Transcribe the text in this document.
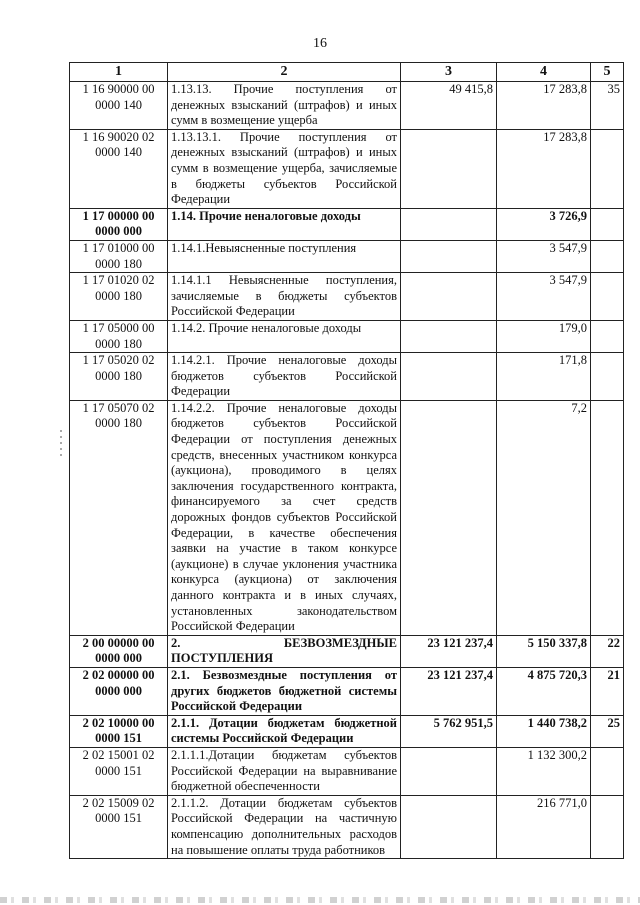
16
1	2	3	4	5
1 16 90000 00
0000 140	1.13.13. Прочие поступления от денежных взысканий (штрафов) и иных сумм в возмещение ущерба	49 415,8	17 283,8	35
1 16 90020 02
0000 140	1.13.13.1. Прочие поступления от денежных взысканий (штрафов) и иных сумм в возмещение ущерба, зачисляемые в бюджеты субъектов Российской Федерации		17 283,8	
1 17 00000 00
0000 000	1.14. Прочие неналоговые доходы		3 726,9	
1 17 01000 00
0000 180	1.14.1.Невыясненные поступления		3 547,9	
1 17 01020 02
0000 180	1.14.1.1 Невыясненные поступления, зачисляемые в бюджеты субъектов Российской Федерации		3 547,9	
1 17 05000 00
0000 180	1.14.2. Прочие неналоговые доходы		179,0	
1 17 05020 02
0000 180	1.14.2.1. Прочие неналоговые доходы бюджетов субъектов Российской Федерации		171,8	
1 17 05070 02
0000 180	1.14.2.2. Прочие неналоговые доходы бюджетов субъектов Российской Федерации от поступления денежных средств, внесенных участником конкурса (аукциона), проводимого в целях заключения государственного контракта, финансируемого за счет средств дорожных фондов субъектов Российской Федерации, в качестве обеспечения заявки на участие в таком конкурсе (аукционе) в случае уклонения участника конкурса (аукциона) от заключения данного контракта и в иных случаях, установленных законодательством Российской Федерации		7,2	
2 00 00000 00
0000 000	2. БЕЗВОЗМЕЗДНЫЕ ПОСТУПЛЕНИЯ	23 121 237,4	5 150 337,8	22
2 02 00000 00
0000 000	2.1. Безвозмездные поступления от других бюджетов бюджетной системы Российской Федерации	23 121 237,4	4 875 720,3	21
2 02 10000 00
0000 151	2.1.1. Дотации бюджетам бюджетной системы Российской Федерации	5 762 951,5	1 440 738,2	25
2 02 15001 02
0000 151	2.1.1.1.Дотации бюджетам субъектов Российской Федерации на выравнивание бюджетной обеспеченности		1 132 300,2	
2 02 15009 02
0000 151	2.1.1.2. Дотации бюджетам субъектов Российской Федерации на частичную компенсацию дополнительных расходов на повышение оплаты труда работников		216 771,0	
